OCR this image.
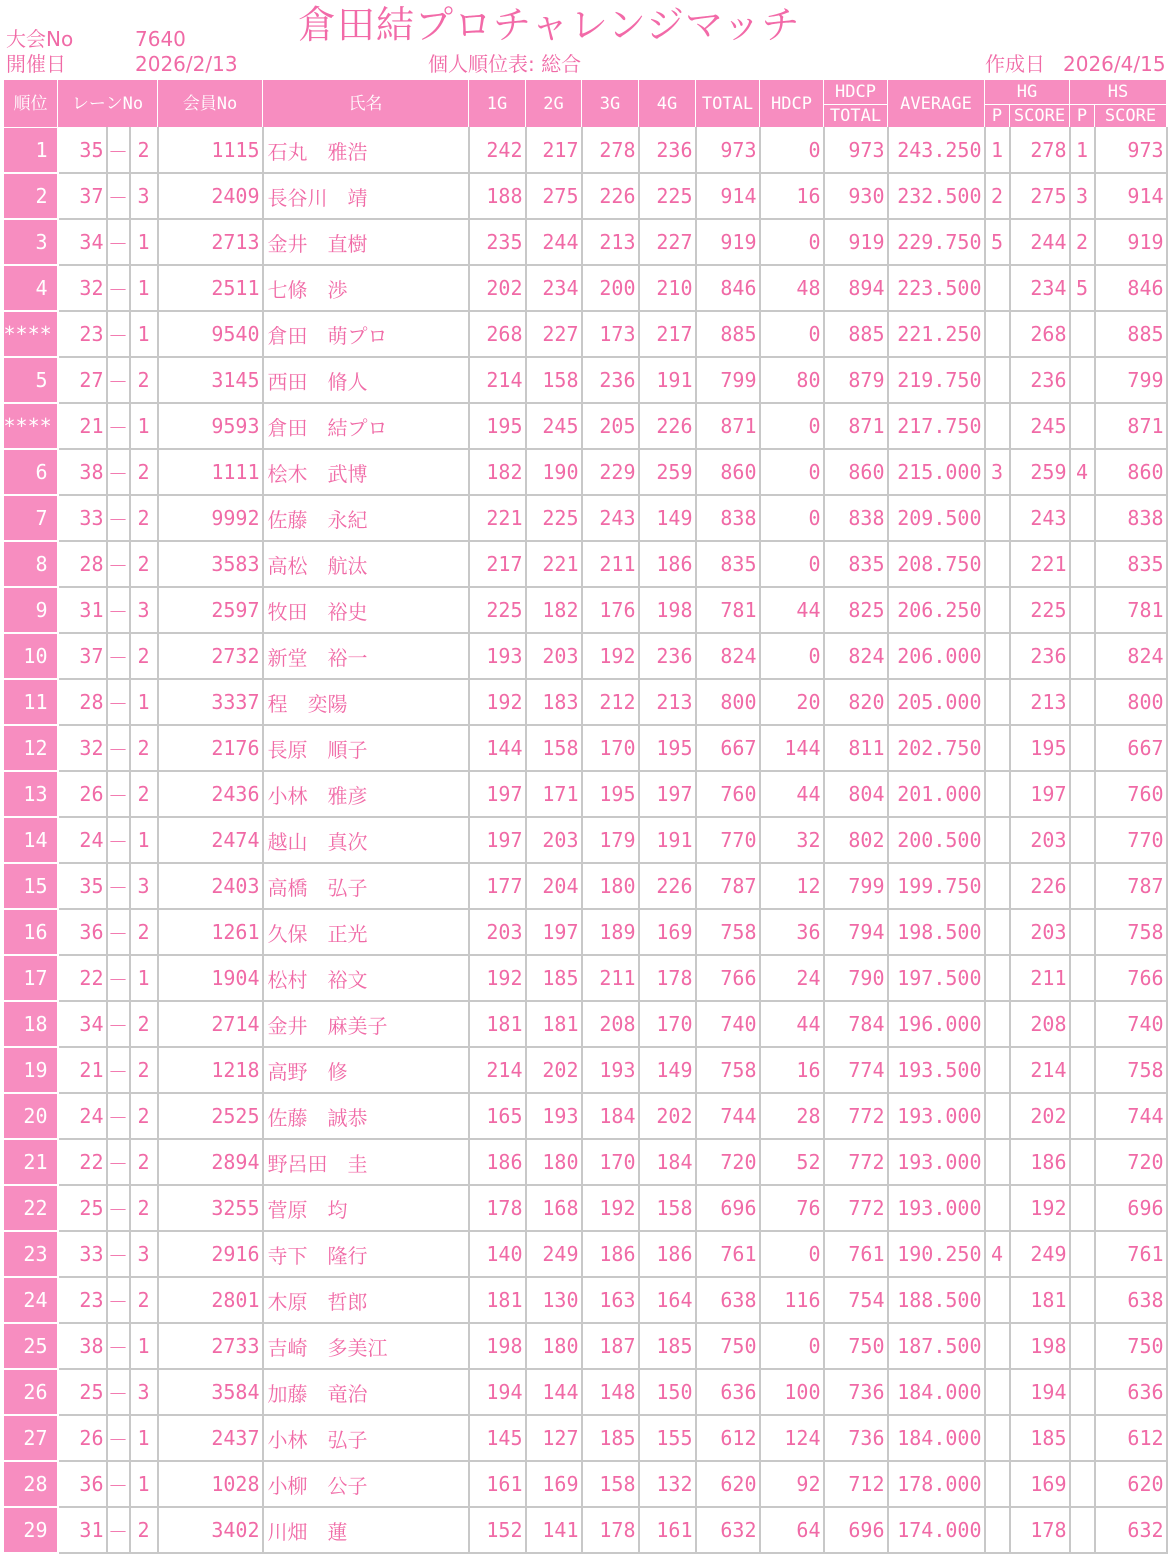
大会No	7640
開催日	2026/2/13
倉田結プロチャレンジマッチ
個人順位表: 総合	作成日 2026/4/15
順位	レーンNo			会員No	氏名	1G	2G	3G	4G	TOTAL	HDCP	HDCP	AVERAGE	HG		HS	
												TOTAL		P	SCORE	P	SCORE
1	35	－	2	1115	石丸　雅浩	242	217	278	236	973	0	973	243.250	1	278	1	973
2	37	－	3	2409	長谷川　靖	188	275	226	225	914	16	930	232.500	2	275	3	914
3	34	－	1	2713	金井　直樹	235	244	213	227	919	0	919	229.750	5	244	2	919
4	32	－	1	2511	七條　渉	202	234	200	210	846	48	894	223.500		234	5	846
****	23	－	1	9540	倉田　萌プロ	268	227	173	217	885	0	885	221.250		268		885
5	27	－	2	3145	西田　脩人	214	158	236	191	799	80	879	219.750		236		799
****	21	－	1	9593	倉田　結プロ	195	245	205	226	871	0	871	217.750		245		871
6	38	－	2	1111	桧木　武博	182	190	229	259	860	0	860	215.000	3	259	4	860
7	33	－	2	9992	佐藤　永紀	221	225	243	149	838	0	838	209.500		243		838
8	28	－	2	3583	高松　航汰	217	221	211	186	835	0	835	208.750		221		835
9	31	－	3	2597	牧田　裕史	225	182	176	198	781	44	825	206.250		225		781
10	37	－	2	2732	新堂　裕一	193	203	192	236	824	0	824	206.000		236		824
11	28	－	1	3337	程　奕陽	192	183	212	213	800	20	820	205.000		213		800
12	32	－	2	2176	長原　順子	144	158	170	195	667	144	811	202.750		195		667
13	26	－	2	2436	小林　雅彦	197	171	195	197	760	44	804	201.000		197		760
14	24	－	1	2474	越山　真次	197	203	179	191	770	32	802	200.500		203		770
15	35	－	3	2403	高橋　弘子	177	204	180	226	787	12	799	199.750		226		787
16	36	－	2	1261	久保　正光	203	197	189	169	758	36	794	198.500		203		758
17	22	－	1	1904	松村　裕文	192	185	211	178	766	24	790	197.500		211		766
18	34	－	2	2714	金井　麻美子	181	181	208	170	740	44	784	196.000		208		740
19	21	－	2	1218	高野　修	214	202	193	149	758	16	774	193.500		214		758
20	24	－	2	2525	佐藤　誠恭	165	193	184	202	744	28	772	193.000		202		744
21	22	－	2	2894	野呂田　圭	186	180	170	184	720	52	772	193.000		186		720
22	25	－	2	3255	菅原　均	178	168	192	158	696	76	772	193.000		192		696
23	33	－	3	2916	寺下　隆行	140	249	186	186	761	0	761	190.250	4	249		761
24	23	－	2	2801	木原　哲郎	181	130	163	164	638	116	754	188.500		181		638
25	38	－	1	2733	吉崎　多美江	198	180	187	185	750	0	750	187.500		198		750
26	25	－	3	3584	加藤　竜治	194	144	148	150	636	100	736	184.000		194		636
27	26	－	1	2437	小林　弘子	145	127	185	155	612	124	736	184.000		185		612
28	36	－	1	1028	小柳　公子	161	169	158	132	620	92	712	178.000		169		620
29	31	－	2	3402	川畑　蓮	152	141	178	161	632	64	696	174.000		178		632
